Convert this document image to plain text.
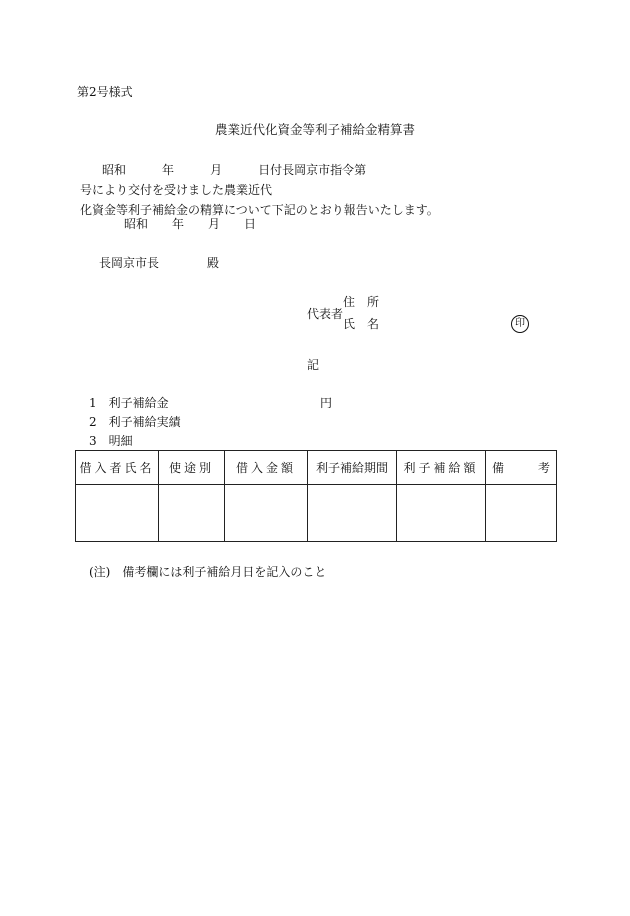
第2号様式
農業近代化資金等利子補給金精算書
昭和　　　	年　　　	月　　　	日付長岡京市指令第　　　　号により交付を受けました農業近代化資金等利子補給金の精算について下記のとおり報告いたします。
昭和　　年　　月　　日
長岡京市長　　　　殿
代表者
住　所
氏　名	印
記
1　利子補給金	円
2　利子補給実績
3　明細
借入者氏名	使途別	借入金額	利子補給期間	利子補給額	備考

(注)　備考欄には利子補給月日を記入のこと
